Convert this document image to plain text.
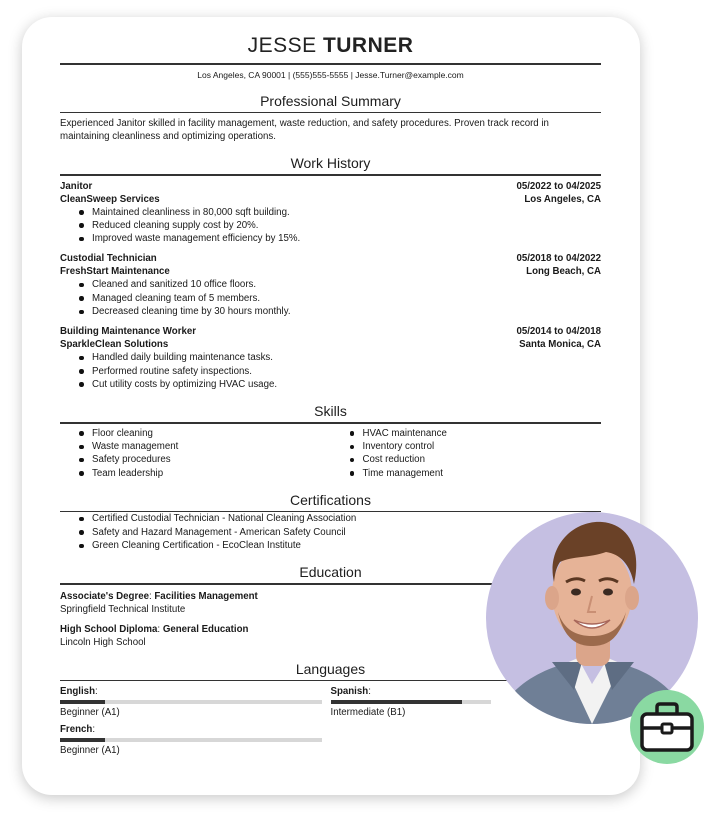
JESSE TURNER
Los Angeles, CA 90001 | (555)555-5555 | Jesse.Turner@example.com
Professional Summary
Experienced Janitor skilled in facility management, waste reduction, and safety procedures. Proven track record in maintaining cleanliness and optimizing operations.
Work History
Janitor	05/2022 to 04/2025
CleanSweep Services	Los Angeles, CA
Maintained cleanliness in 80,000 sqft building.
Reduced cleaning supply cost by 20%.
Improved waste management efficiency by 15%.
Custodial Technician	05/2018 to 04/2022
FreshStart Maintenance	Long Beach, CA
Cleaned and sanitized 10 office floors.
Managed cleaning team of 5 members.
Decreased cleaning time by 30 hours monthly.
Building Maintenance Worker	05/2014 to 04/2018
SparkleClean Solutions	Santa Monica, CA
Handled daily building maintenance tasks.
Performed routine safety inspections.
Cut utility costs by optimizing HVAC usage.
Skills
Floor cleaning
Waste management
Safety procedures
Team leadership
HVAC maintenance
Inventory control
Cost reduction
Time management
Certifications
Certified Custodial Technician - National Cleaning Association
Safety and Hazard Management - American Safety Council
Green Cleaning Certification - EcoClean Institute
Education
Associate's Degree: Facilities Management
Springfield Technical Institute
High School Diploma: General Education
Lincoln High School
Languages
English:
Beginner (A1)
Spanish:
Intermediate (B1)
French:
Beginner (A1)
